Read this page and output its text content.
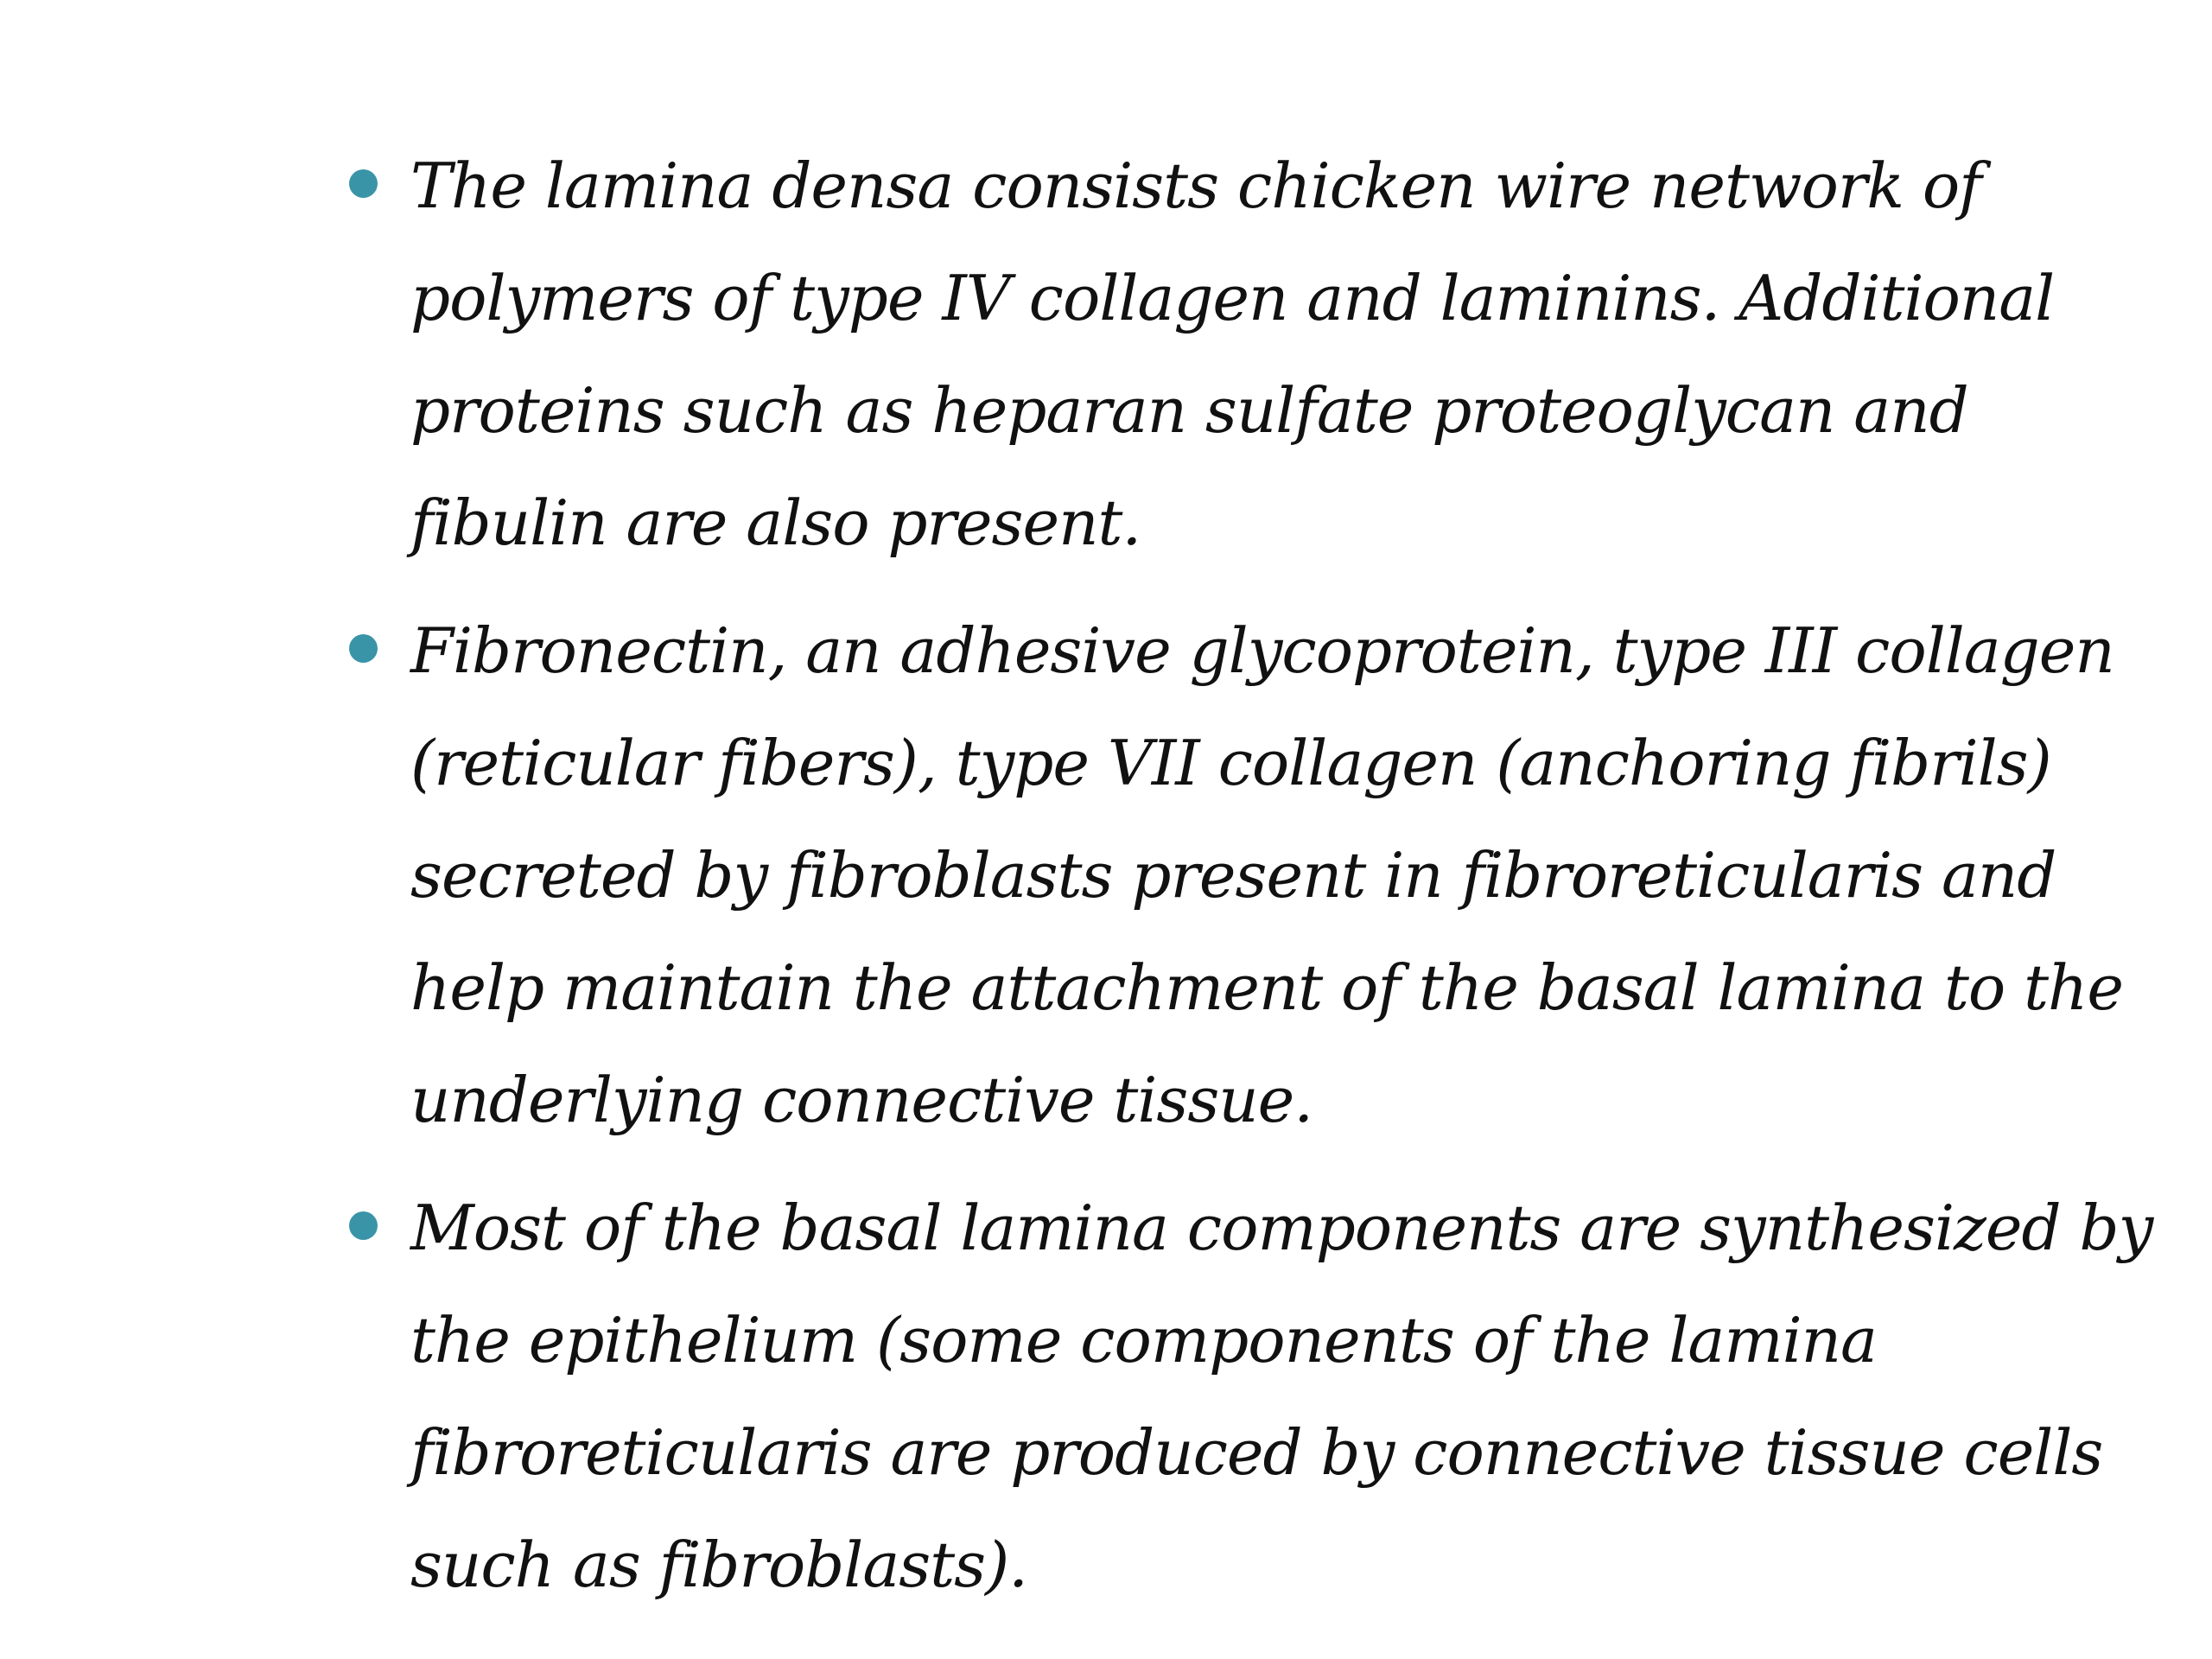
The lamina densa consists chicken wire network of polymers of type IV collagen and laminins. Additional proteins such as heparan sulfate proteoglycan and fibulin are also present.
Fibronectin, an adhesive glycoprotein, type III collagen (reticular fibers), type VII collagen (anchoring fibrils) secreted by fibroblasts present in fibroreticularis and help maintain the attachment of the basal lamina to the underlying connective tissue.
Most of the basal lamina components are synthesized by the epithelium (some components of the lamina fibroreticularis are produced by connective tissue cells such as fibroblasts).
